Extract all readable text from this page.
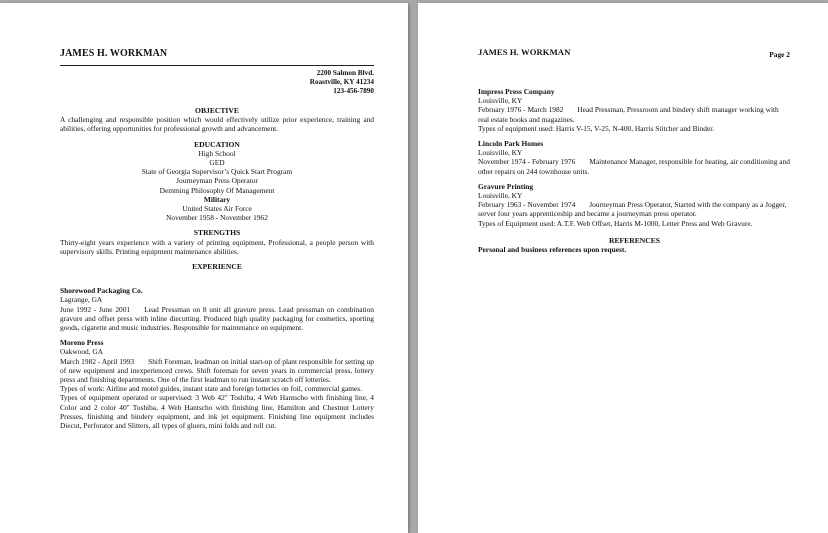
JAMES H. WORKMAN
2200 Salmon Blvd.
Roastville, KY 41234
123-456-7890
OBJECTIVE
A challenging and responsible position which would effectively utilize prior experience, training and abilities, offering opportunities for professional growth and advancement.
EDUCATION
High School
GED
State of Georgia Supervisor’s Quick Start Program
Journeyman Press Operator
Demming Philosophy Of Management
Military
United States Air Force
November 1958 - November 1962
STRENGTHS
Thirty-eight years experience with a variety of printing equipment, Professional, a people person with supervisory skills. Printing equipment maintenance abilities.
EXPERIENCE
Shorewood Packaging Co.
Lagrange, GA
June 1992 - June 2001 Lead Pressman on 8 unit all gravure press. Lead pressman on combination gravure and offset press with inline diecutting. Produced high quality packaging for cosmetics, sporting goods, cigarette and music industries. Responsible for maintenance on equipment.
Moreno Press
Oakwood, GA
March 1982 - April 1993 Shift Foreman, leadman on initial start-up of plant responsible for setting up of new equipment and inexperienced crews. Shift foreman for seven years in commercial press, lottery press and finishing departments. One of the first leadman to run instant scratch off lotteries.
Types of work: Airline and motel guides, instant state and foreign lotteries on foil, commercial games.
Types of equipment operated or supervised: 3 Web 42" Toshiba, 4 Web Hantscho with finishing line, 4 Color and 2 color 40" Toshiba, 4 Web Hantscho with finishing line, Hamilton and Chestnut Lottery Presses, finishing and bindery equipment, and ink jet equipment. Finishing line equipment includes Diecut, Perforator and Slitters, all types of gluers, mini folds and roll cut.
JAMES H. WORKMAN	Page 2
Impress Press Company
Louisville, KY
February 1976 - March 1982 Head Pressman, Pressroom and bindery shift manager working with real estate books and magazines.
Types of equipment used: Harris V-15, V-25, N-400, Harris Stitcher and Binder.
Lincoln Park Homes
Louisville, KY
November 1974 - February 1976 Maintenance Manager, responsible for heating, air conditioning and other repairs on 244 townhouse units.
Gravure Printing
Louisville, KY
February 1963 - November 1974 Journeyman Press Operator, Started with the company as a Jogger, server four years apprenticeship and became a journeyman press operator.
Types of Equipment used: A.T.F. Web Offset, Harris M-1000, Letter Press and Web Gravure.
REFERENCES
Personal and business references upon request.
